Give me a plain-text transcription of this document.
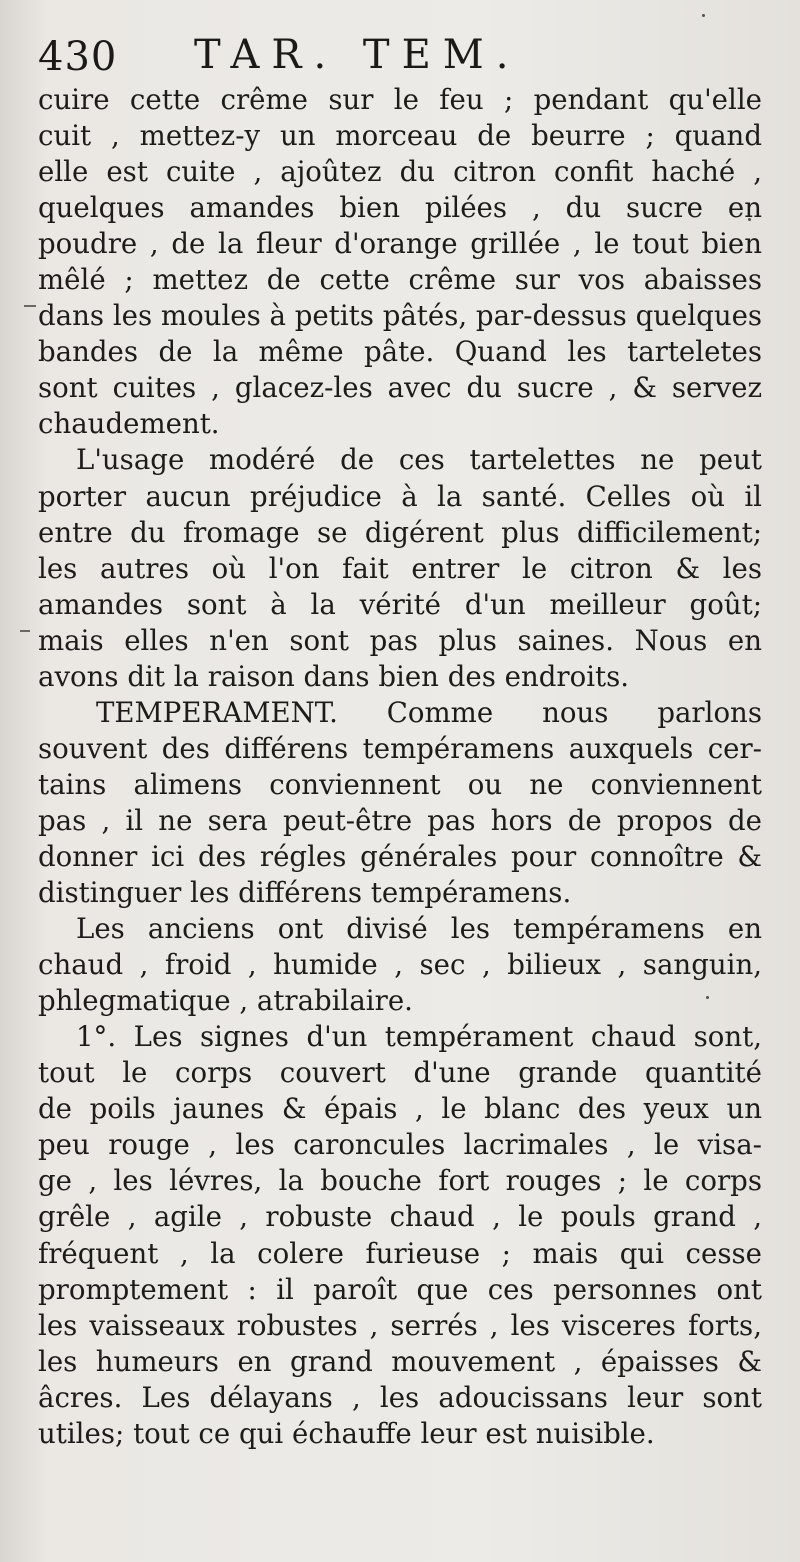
430 TAR. TEM.
cuire cette crême sur le feu ; pendant qu'elle
cuit , mettez-y un morceau de beurre ; quand
elle est cuite , ajoûtez du citron confit haché ,
quelques amandes bien pilées , du sucre en
poudre , de la fleur d'orange grillée , le tout bien
mêlé ; mettez de cette crême sur vos abaisses
dans les moules à petits pâtés, par-dessus quelques
bandes de la même pâte. Quand les tarteletes
sont cuites , glacez-les avec du sucre , & servez
chaudement.
L'usage modéré de ces tartelettes ne peut
porter aucun préjudice à la santé. Celles où il
entre du fromage se digérent plus difficilement;
les autres où l'on fait entrer le citron & les
amandes sont à la vérité d'un meilleur goût;
mais elles n'en sont pas plus saines. Nous en
avons dit la raison dans bien des endroits.
TEMPERAMENT. Comme nous parlons
souvent des différens tempéramens auxquels cer-
tains alimens conviennent ou ne conviennent
pas , il ne sera peut-être pas hors de propos de
donner ici des régles générales pour connoître &
distinguer les différens tempéramens.
Les anciens ont divisé les tempéramens en
chaud , froid , humide , sec , bilieux , sanguin,
phlegmatique , atrabilaire.
1°. Les signes d'un tempérament chaud sont,
tout le corps couvert d'une grande quantité
de poils jaunes & épais , le blanc des yeux un
peu rouge , les caroncules lacrimales , le visa-
ge , les lévres, la bouche fort rouges ; le corps
grêle , agile , robuste chaud , le pouls grand ,
fréquent , la colere furieuse ; mais qui cesse
promptement : il paroît que ces personnes ont
les vaisseaux robustes , serrés , les visceres forts,
les humeurs en grand mouvement , épaisses &
âcres. Les délayans , les adoucissans leur sont
utiles; tout ce qui échauffe leur est nuisible.
